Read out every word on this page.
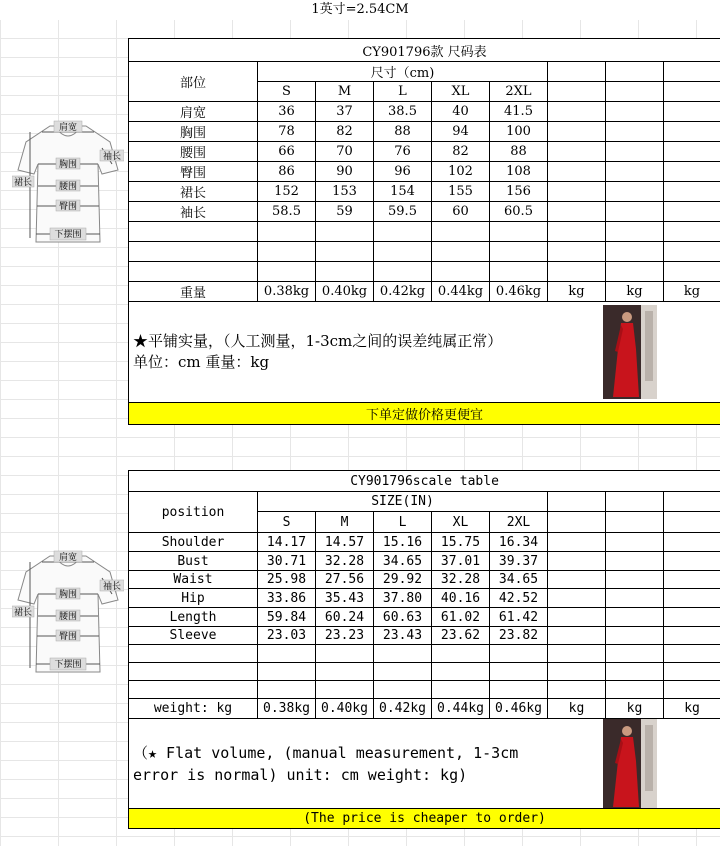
1英寸=2.54CM
肩宽
胸围
袖长
裙长	腰围
臀围
下摆围
CY901796款 尺码表								
部位	尺寸（cm)							
	S	M	L	XL	2XL			
肩宽	36	37	38.5	40	41.5			
胸围	78	82	88	94	100			
腰围	66	70	76	82	88			
臀围	86	90	96	102	108			
裙长	152	153	154	155	156			
袖长	58.5	59	59.5	60	60.5			

重量	0.38kg	0.40kg	0.42kg	0.44kg	0.46kg	kg	kg	kg

★平铺实量，（人工测量，1-3cm之间的误差纯属正常）
单位：cm 重量：kg								

下单定做价格更便宜								
肩宽
胸围
袖长
裙长	腰围
臀围
下摆围
CY901796scale table								
position	SIZE(IN)							
	S	M	L	XL	2XL			
Shoulder	14.17	14.57	15.16	15.75	16.34			
Bust	30.71	32.28	34.65	37.01	39.37			
Waist	25.98	27.56	29.92	32.28	34.65			
Hip	33.86	35.43	37.80	40.16	42.52			
Length	59.84	60.24	60.63	61.02	61.42			
Sleeve	23.03	23.23	23.43	23.62	23.82			

weight: kg	0.38kg	0.40kg	0.42kg	0.44kg	0.46kg	kg	kg	kg

（★ Flat volume, (manual measurement, 1-3cm
error is normal) unit: cm weight: kg)								

(The price is cheaper to order)								
